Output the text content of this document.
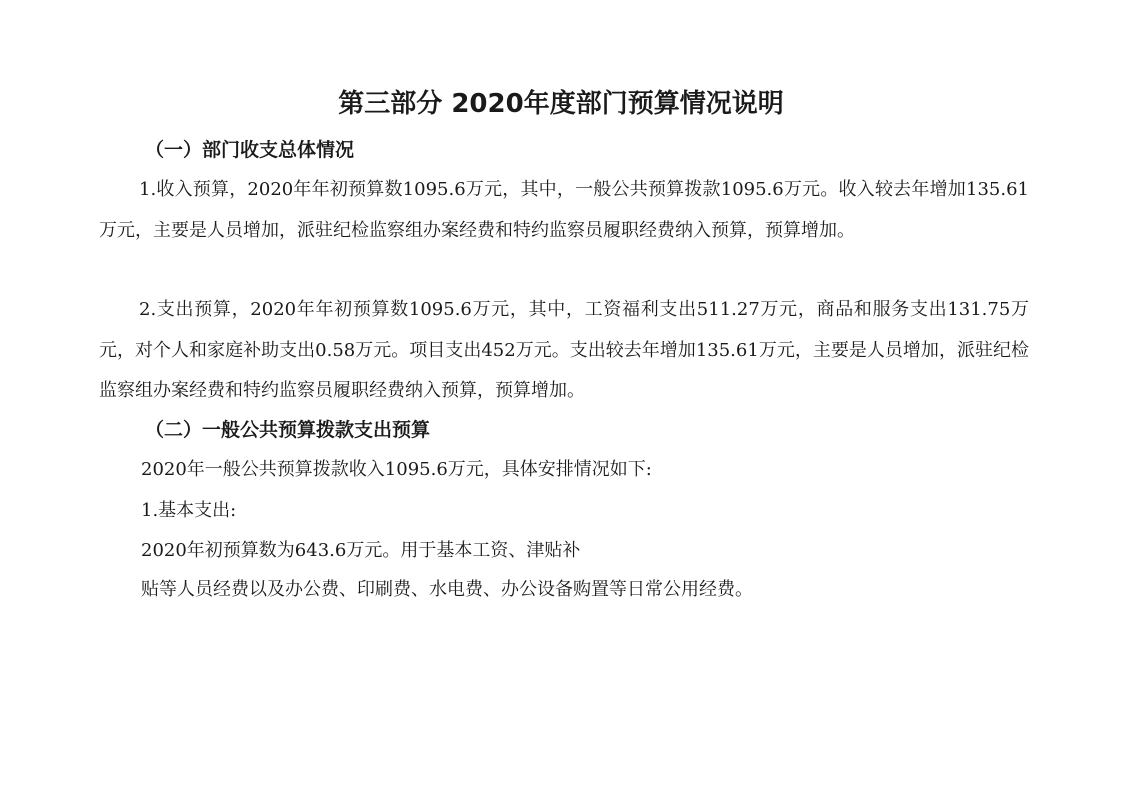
第三部分 2020年度部门预算情况说明
（一）部门收支总体情况

1.收入预算，2020年年初预算数1095.6万元，其中，一般公共预算拨款1095.6万元。收入较去年增加135.61万元，主要是人员增加，派驻纪检监察组办案经费和特约监察员履职经费纳入预算，预算增加。

2.支出预算，2020年年初预算数1095.6万元，其中，工资福利支出511.27万元，商品和服务支出131.75万元，对个人和家庭补助支出0.58万元。项目支出452万元。支出较去年增加135.61万元，主要是人员增加，派驻纪检监察组办案经费和特约监察员履职经费纳入预算，预算增加。

（二）一般公共预算拨款支出预算

2020年一般公共预算拨款收入1095.6万元，具体安排情况如下:

1.基本支出:

2020年初预算数为643.6万元。用于基本工资、津贴补

贴等人员经费以及办公费、印刷费、水电费、办公设备购置等日常公用经费。
